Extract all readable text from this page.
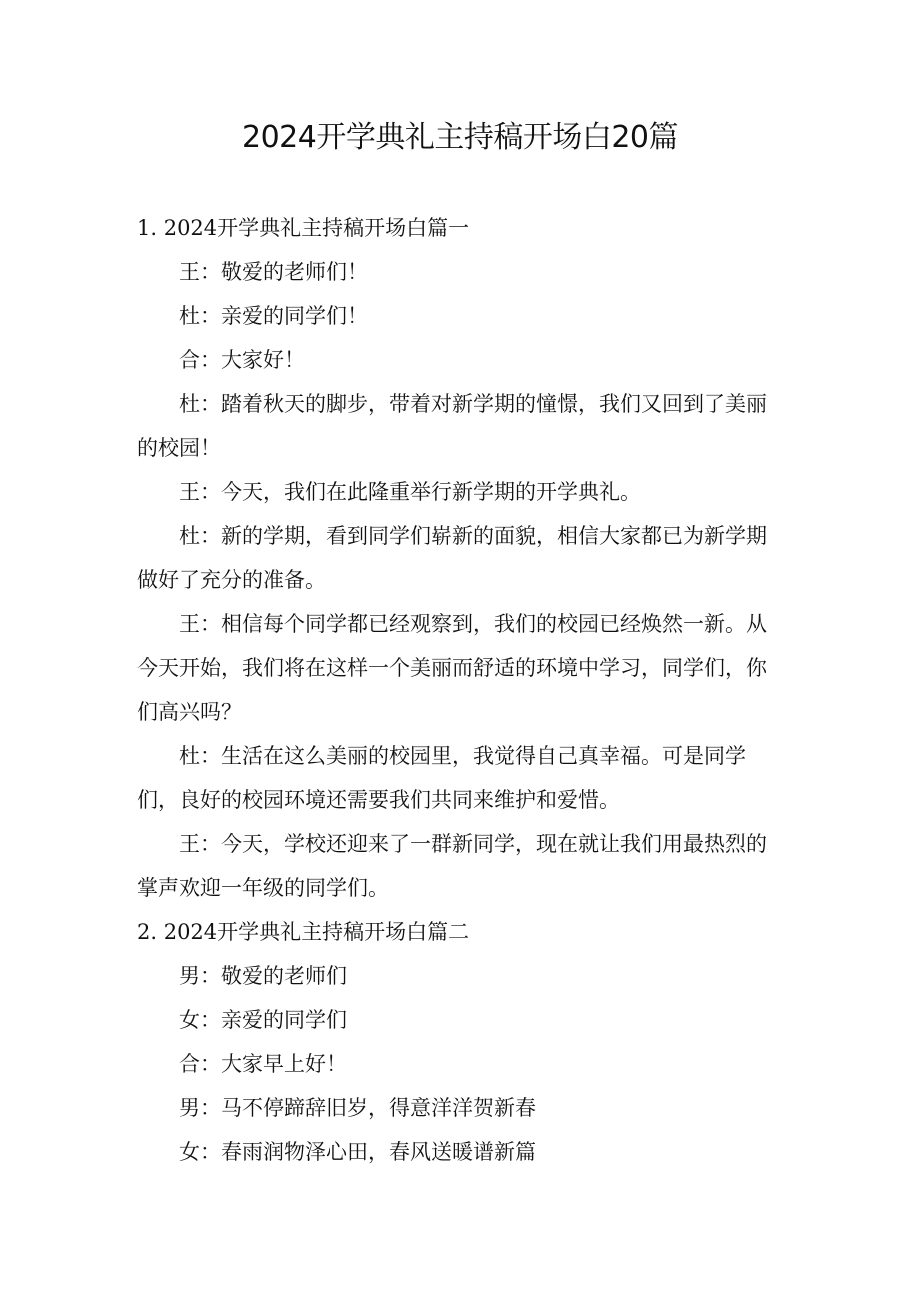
2024开学典礼主持稿开场白20篇

1. 2024开学典礼主持稿开场白篇一

王：敬爱的老师们！

杜：亲爱的同学们！

合：大家好！

杜：踏着秋天的脚步，带着对新学期的憧憬，我们又回到了美丽的校园！

王：今天，我们在此隆重举行新学期的开学典礼。

杜：新的学期，看到同学们崭新的面貌，相信大家都已为新学期做好了充分的准备。

王：相信每个同学都已经观察到，我们的校园已经焕然一新。从今天开始，我们将在这样一个美丽而舒适的环境中学习，同学们，你们高兴吗？

杜：生活在这么美丽的校园里，我觉得自己真幸福。可是同学们，良好的校园环境还需要我们共同来维护和爱惜。

王：今天，学校还迎来了一群新同学，现在就让我们用最热烈的掌声欢迎一年级的同学们。

2. 2024开学典礼主持稿开场白篇二

男：敬爱的老师们

女：亲爱的同学们

合：大家早上好！

男：马不停蹄辞旧岁，得意洋洋贺新春

女：春雨润物泽心田，春风送暖谱新篇
